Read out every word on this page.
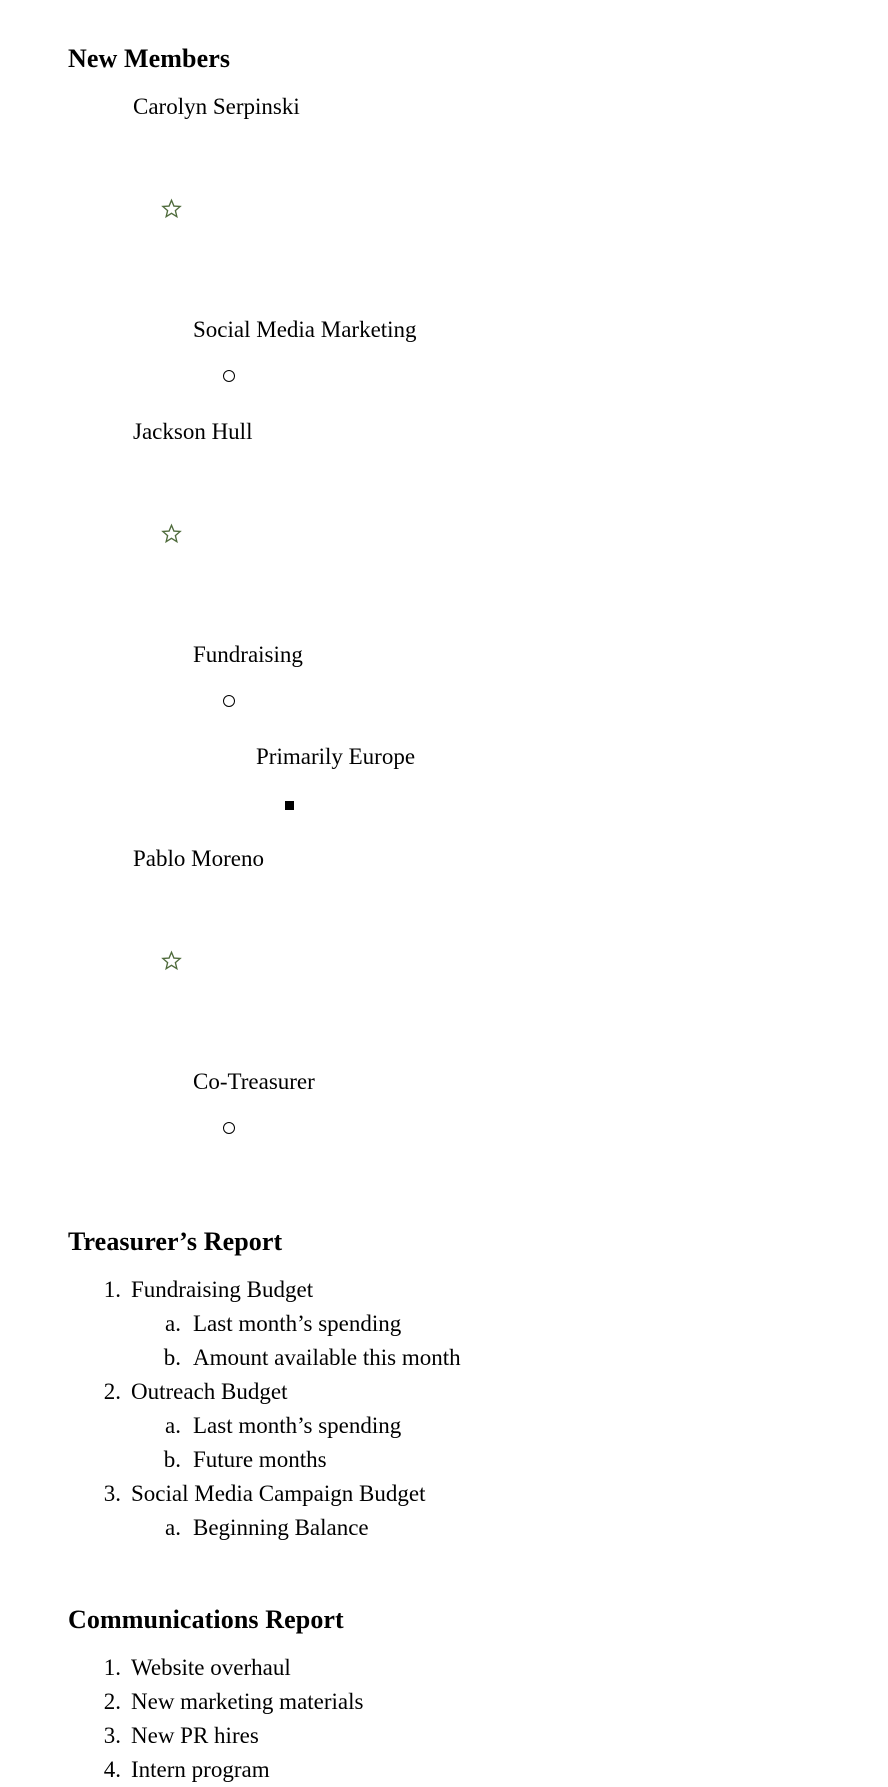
New Members

Carolyn Serpinski

Social Media Marketing

Jackson Hull

Fundraising

Primarily Europe

Pablo Moreno

Co-Treasurer
Treasurer’s Report
1. Fundraising Budget
a. Last month’s spending
b. Amount available this month
2. Outreach Budget
a. Last month’s spending
b. Future months
3. Social Media Campaign Budget
a. Beginning Balance
Communications Report
1. Website overhaul
2. New marketing materials
3. New PR hires
4. Intern program
